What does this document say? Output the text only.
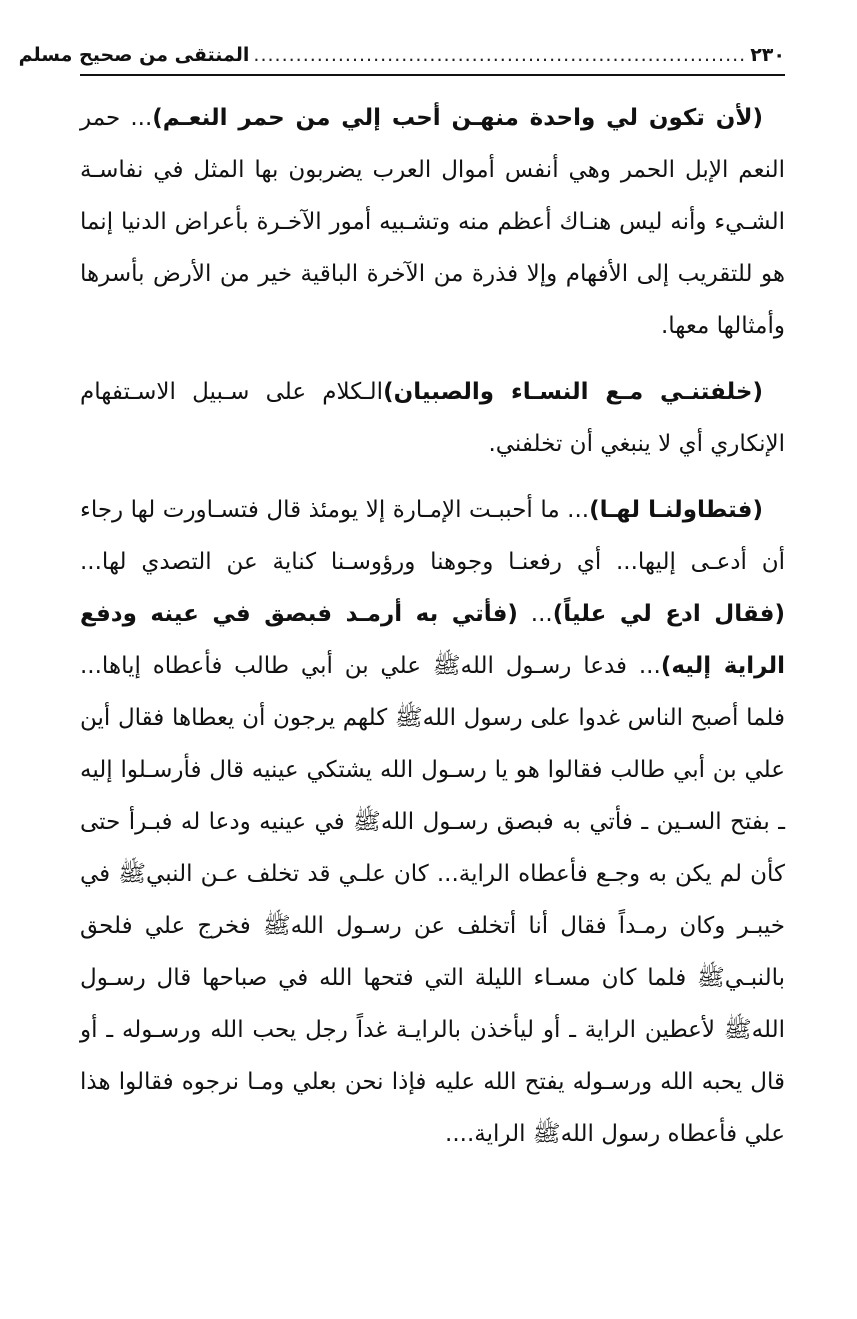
٢٣٠
......................................................................
المنتقى من صحيح مسلم

(لأن تكون لي واحدة منهـن أحب إلي من حمر النعـم)... حمر النعم الإبل الحمر وهي أنفس أموال العرب يضربون بها المثل في نفاسـة الشـيء وأنه ليس هنـاك أعظم منه وتشـبيه أمور الآخـرة بأعراض الدنيا إنما هو للتقريب إلى الأفهام وإلا فذرة من الآخرة الباقية خير من الأرض بأسرها وأمثالها معها.

(خلفتنـي مـع النسـاء والصبيان)الـكلام على سـبيل الاسـتفهام الإنكاري أي لا ينبغي أن تخلفني.

(فتطاولنـا لهـا)... ما أحببـت الإمـارة إلا يومئذ قال فتسـاورت لها رجاء أن أدعـى إليها... أي رفعنـا وجوهنا ورؤوسـنا كناية عن التصدي لها... (فقال ادع لي علياً)... (فأتي به أرمـد فبصق في عينه ودفع الراية إليه)... فدعا رسـول اللهﷺ علي بن أبي طالب فأعطاه إياها... فلما أصبح الناس غدوا على رسول اللهﷺ كلهم يرجون أن يعطاها فقال أين علي بن أبي طالب فقالوا هو يا رسـول الله يشتكي عينيه قال فأرسـلوا إليه ـ بفتح السـين ـ فأتي به فبصق رسـول اللهﷺ في عينيه ودعا له فبـرأ حتى كأن لم يكن به وجـع فأعطاه الراية... كان علـي قد تخلف عـن النبيﷺ في خيبـر وكان رمـداً فقال أنا أتخلف عن رسـول اللهﷺ فخرج علي فلحق بالنبـيﷺ فلما كان مسـاء الليلة التي فتحها الله في صباحها قال رسـول اللهﷺ لأعطين الراية ـ أو ليأخذن بالرايـة غداً رجل يحب الله ورسـوله ـ أو قال يحبه الله ورسـوله يفتح الله عليه فإذا نحن بعلي ومـا نرجوه فقالوا هذا علي فأعطاه رسول اللهﷺ الراية....
